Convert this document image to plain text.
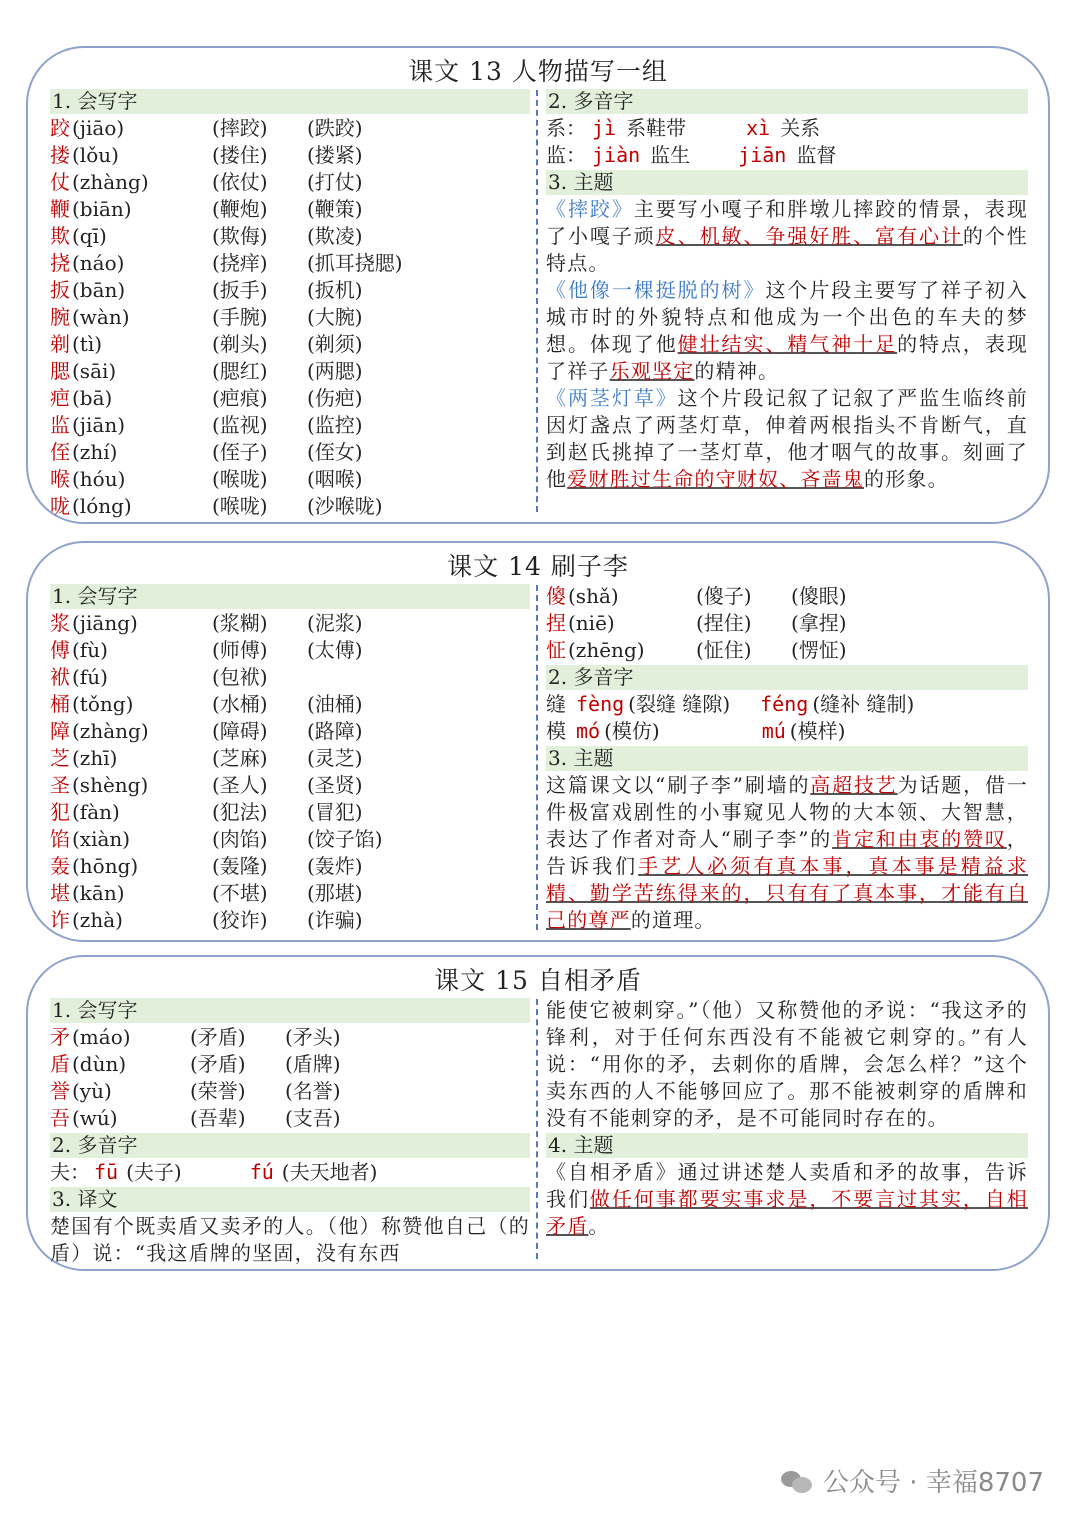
课文 13 人物描写一组
1. 会写字
跤 (jiāo)	(摔跤)	(跌跤)
搂 (lǒu)	(搂住)	(搂紧)
仗 (zhàng)	(依仗)	(打仗)
鞭 (biān)	(鞭炮)	(鞭策)
欺 (qī)	(欺侮)	(欺凌)
挠 (náo)	(挠痒)	(抓耳挠腮)
扳 (bān)	(扳手)	(扳机)
腕 (wàn)	(手腕)	(大腕)
剃 (tì)	(剃头)	(剃须)
腮 (sāi)	(腮红)	(两腮)
疤 (bā)	(疤痕)	(伤疤)
监 (jiān)	(监视)	(监控)
侄 (zhí)	(侄子)	(侄女)
喉 (hóu)	(喉咙)	(咽喉)
咙 (lóng)	(喉咙)	(沙喉咙)
2. 多音字
系： jì 系鞋带	xì 关系
监： jiàn 监生 jiān 监督
3. 主题
《摔跤》主要写小嘎子和胖墩儿摔跤的情景，表现了小嘎子顽皮、机敏、争强好胜、富有心计的个性特点。
《他像一棵挺脱的树》这个片段主要写了祥子初入城市时的外貌特点和他成为一个出色的车夫的梦想。体现了他健壮结实、精气神十足的特点，表现了祥子乐观坚定的精神。
《两茎灯草》这个片段记叙了记叙了严监生临终前因灯盏点了两茎灯草，伸着两根指头不肯断气，直到赵氏挑掉了一茎灯草，他才咽气的故事。刻画了他爱财胜过生命的守财奴、吝啬鬼的形象。
课文 14 刷子李
1. 会写字
浆 (jiāng)	(浆糊)	(泥浆)
傅 (fù)	(师傅)	(太傅)
袱 (fú)	(包袱)
桶 (tǒng)	(水桶)	(油桶)
障 (zhàng)	(障碍)	(路障)
芝 (zhī)	(芝麻)	(灵芝)
圣 (shèng)	(圣人)	(圣贤)
犯 (fàn)	(犯法)	(冒犯)
馅 (xiàn)	(肉馅)	(饺子馅)
轰 (hōng)	(轰隆)	(轰炸)
堪 (kān)	(不堪)	(那堪)
诈 (zhà)	(狡诈)	(诈骗)
傻 (shǎ)	(傻子)	(傻眼)
捏 (niē)	(捏住)	(拿捏)
怔 (zhēng)	(怔住)	(愣怔)
2. 多音字
缝 fèng (裂缝 缝隙) féng (缝补 缝制)
模 mó (模仿)	mú (模样)
3. 主题
这篇课文以“刷子李”刷墙的高超技艺为话题，借一件极富戏剧性的小事窥见人物的大本领、大智慧，表达了作者对奇人“刷子李”的肯定和由衷的赞叹，告诉我们手艺人必须有真本事，真本事是精益求精、勤学苦练得来的，只有有了真本事，才能有自己的尊严的道理。
课文 15 自相矛盾
1. 会写字
矛 (máo)	(矛盾)	(矛头)
盾 (dùn)	(矛盾)	(盾牌)
誉 (yù)	(荣誉)	(名誉)
吾 (wú)	(吾辈)	(支吾)
2. 多音字
夫： fū (夫子)	fú (夫天地者)
3. 译文
楚国有个既卖盾又卖矛的人。（他）称赞他自己（的盾）说：“我这盾牌的坚固，没有东西
能使它被刺穿。”（他）又称赞他的矛说：“我这矛的锋利，对于任何东西没有不能被它刺穿的。”有人说：“用你的矛，去刺你的盾牌，会怎么样？”这个卖东西的人不能够回应了。那不能被刺穿的盾牌和没有不能刺穿的矛，是不可能同时存在的。
4. 主题
《自相矛盾》通过讲述楚人卖盾和矛的故事，告诉我们做任何事都要实事求是，不要言过其实，自相矛盾。
公众号 · 幸福8707
